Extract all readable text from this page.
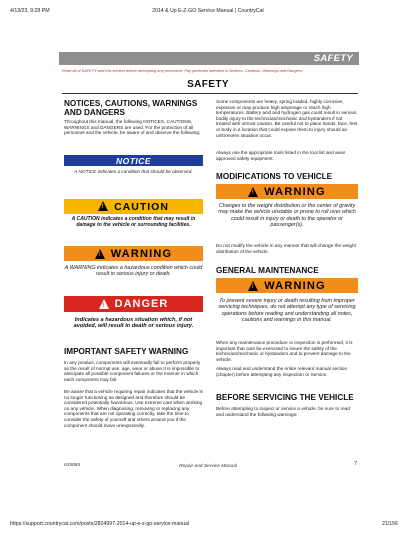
4/13/23, 9:28 PM	2014 & Up E-Z-GO Service Manual | CountryCat
SAFETY
Read all of SAFETY and this section before attempting any procedure. Pay particular attention to Notices, Cautions, Warnings and Dangers.
SAFETY
NOTICES, CAUTIONS, WARNINGS AND DANGERS
Throughout this manual, the following NOTICES, CAUTIONS, WARNINGS and DANGERS are used. For the protection of all personnel and the vehicle, be aware of and observe the following:
NOTICE
A NOTICE indicates a condition that should be observed.
! CAUTION
A CAUTION indicates a condition that may result in damage to the vehicle or surrounding facilities.
! WARNING
A WARNING indicates a hazardous condition which could result in serious injury or death.
! DANGER
Indicates a hazardous situation which, if not avoided, will result in death or serious injury.
IMPORTANT SAFETY WARNING
In any product, components will eventually fail to perform properly as the result of normal use, age, wear or abuse.It is impossible to anticipate all possible component failures or the manner in which each component may fail.
Be aware that a vehicle requiring repair indicates that the vehicle is no longer functioning as designed and therefore should be considered potentially hazardous. Use extreme care when working on any vehicle. When diagnosing, removing or replacing any components that are not operating correctly, take the time to consider the safety of yourself and others around you if the component should move unexpectedly.
Some components are heavy, spring loaded, highly corrosive, explosive or may produce high amperage or reach high temperatures. Battery acid and hydrogen gas could result in serious bodily injury to the technician/mechanic and bystanders if not treated with utmost caution. Be careful not to place hands, face, feet or body in a location that could expose them to injury should an unforeseen situation occur.
Always use the appropriate tools listed in the tool list and wear approved safety equipment.
MODIFICATIONS TO VEHICLE
! WARNING
Changes to the weight distribution or the center of gravity may make the vehicle unstable or prone to roll over which could result in injury or death to the operator or passenger(s).
Do not modify the vehicle in any manner that will change the weight distribution of the vehicle.
GENERAL MAINTENANCE
! WARNING
To prevent severe injury or death resulting from improper servicing techniques, do not attempt any type of servicing operations before reading and understanding all notes, cautions and warnings in this manual.
When any maintenance procedure or inspection is performed, it is important that care be exercised to insure the safety of the technician/mechanic or bystanders and to prevent damage to the vehicle.
Always read and understand the entire relevant manual section (chapter) before attempting any inspection or Service.
BEFORE SERVICING THE VEHICLE
Before attempting to inspect or service a vehicle, be sure to read and understand the following warnings:
635085	Repair and Service Manual	7
https://support.countrycat.com/posts/2824997-2014-up-e-z-go-service-manual	21/156
